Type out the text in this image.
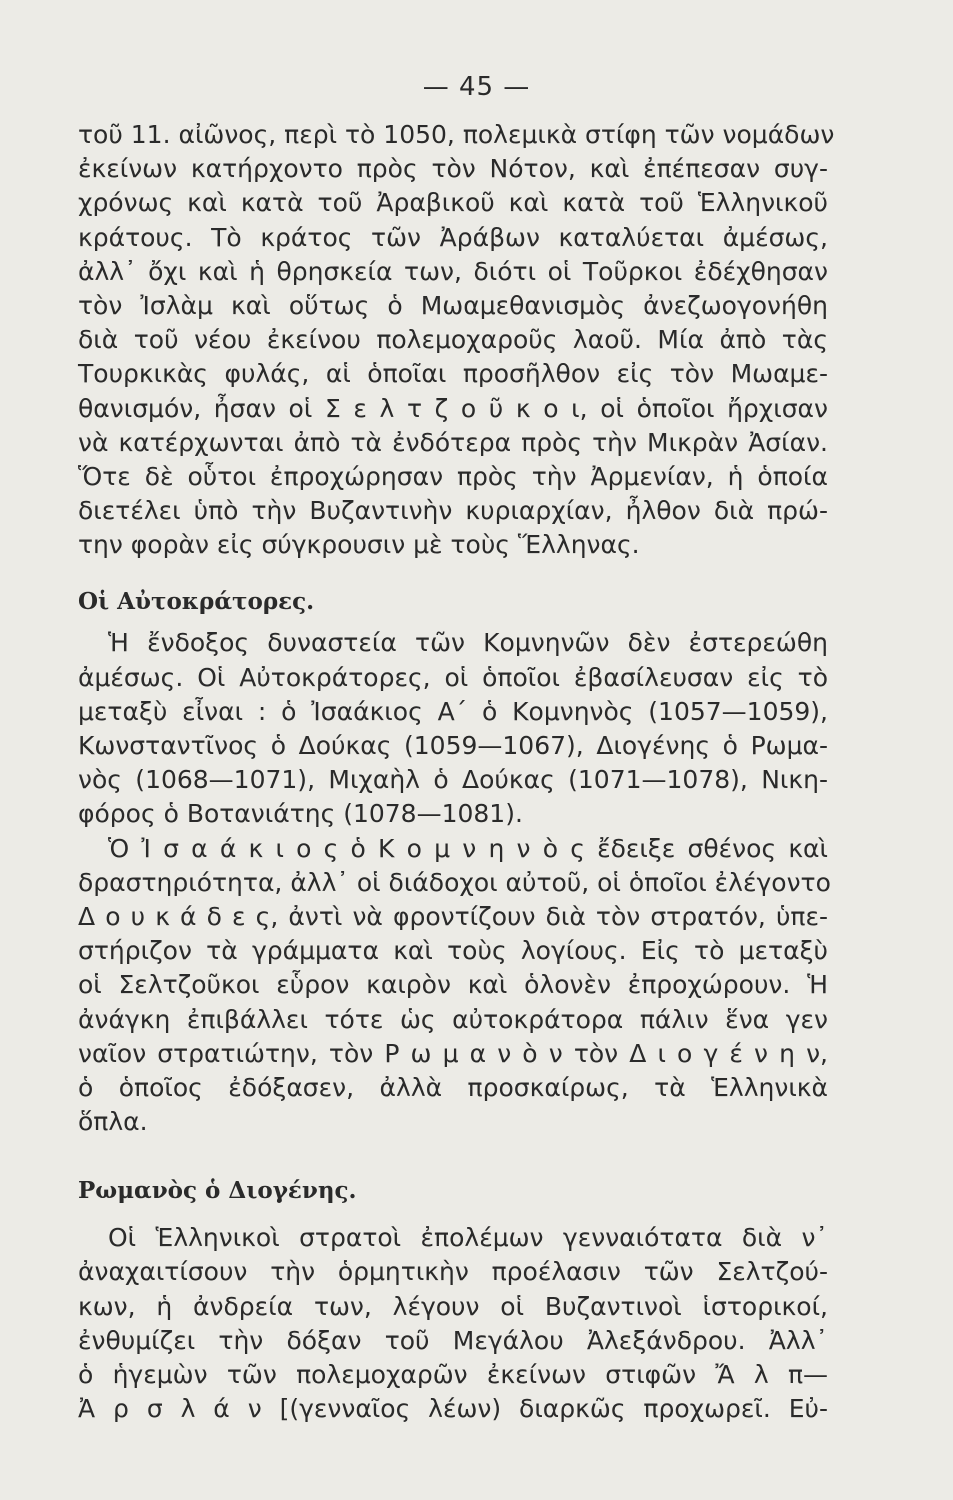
— 45 —
τοῦ 11. αἰῶνος, περὶ τὸ 1050, πολεμικὰ στίφη τῶν νομάδων
ἐκείνων κατήρχοντο πρὸς τὸν Νότον, καὶ ἐπέπεσαν συγ-
χρόνως καὶ κατὰ τοῦ Ἀραβικοῦ καὶ κατὰ τοῦ Ἑλληνικοῦ
κράτους. Τὸ κράτος τῶν Ἀράβων καταλύεται ἀμέσως,
ἀλλ᾽ ὄχι καὶ ἡ θρησκεία των, διότι οἱ Τοῦρκοι ἐδέχθησαν
τὸν Ἰσλὰμ καὶ οὕτως ὁ Μωαμεθανισμὸς ἀνεζωογονήθη
διὰ τοῦ νέου ἐκείνου πολεμοχαροῦς λαοῦ. Μία ἀπὸ τὰς
Τουρκικὰς φυλάς, αἱ ὁποῖαι προσῆλθον εἰς τὸν Μωαμε-
θανισμόν, ἦσαν οἱ Σ ε λ τ ζ ο ῦ κ ο ι, οἱ ὁποῖοι ἤρχισαν
νὰ κατέρχωνται ἀπὸ τὰ ἐνδότερα πρὸς τὴν Μικρὰν Ἀσίαν.
Ὅτε δὲ οὗτοι ἐπροχώρησαν πρὸς τὴν Ἀρμενίαν, ἡ ὁποία
διετέλει ὑπὸ τὴν Βυζαντινὴν κυριαρχίαν, ἦλθον διὰ πρώ-
την φορὰν εἰς σύγκρουσιν μὲ τοὺς Ἕλληνας.
Οἱ Αὐτοκράτορες.
Ἡ ἔνδοξος δυναστεία τῶν Κομνηνῶν δὲν ἐστερεώθη
ἀμέσως. Οἱ Αὐτοκράτορες, οἱ ὁποῖοι ἐβασίλευσαν εἰς τὸ
μεταξὺ εἶναι : ὁ Ἰσαάκιος Α΄ ὁ Κομνηνὸς (1057—1059),
Κωνσταντῖνος ὁ Δούκας (1059—1067), Διογένης ὁ Ρωμα-
νὸς (1068—1071), Μιχαὴλ ὁ Δούκας (1071—1078), Νικη-
φόρος ὁ Βοτανιάτης (1078—1081).
Ὁ Ἰ σ α ά κ ι ο ς ὁ Κ ο μ ν η ν ὸ ς ἔδειξε σθένος καὶ
δραστηριότητα, ἀλλ᾽ οἱ διάδοχοι αὐτοῦ, οἱ ὁποῖοι ἐλέγοντο
Δ ο υ κ ά δ ε ς, ἀντὶ νὰ φροντίζουν διὰ τὸν στρατόν, ὑπε-
στήριζον τὰ γράμματα καὶ τοὺς λογίους. Εἰς τὸ μεταξὺ
οἱ Σελτζοῦκοι εὗρον καιρὸν καὶ ὁλονὲν ἐπροχώρουν. Ἡ
ἀνάγκη ἐπιβάλλει τότε ὡς αὐτοκράτορα πάλιν ἕνα γεν
ναῖον στρατιώτην, τὸν Ρ ω μ α ν ὸ ν τὸν Δ ι ο γ έ ν η ν,
ὁ ὁποῖος ἐδόξασεν, ἀλλὰ προσκαίρως, τὰ Ἑλληνικὰ
ὅπλα.
Ρωμανὸς ὁ Διογένης.
Οἱ Ἑλληνικοὶ στρατοὶ ἐπολέμων γενναιότατα διὰ ν᾽
ἀναχαιτίσουν τὴν ὁρμητικὴν προέλασιν τῶν Σελτζού-
κων, ἡ ἀνδρεία των, λέγουν οἱ Βυζαντινοὶ ἱστορικοί,
ἐνθυμίζει τὴν δόξαν τοῦ Μεγάλου Ἀλεξάνδρου. Ἀλλ᾽
ὁ ἡγεμὼν τῶν πολεμοχαρῶν ἐκείνων στιφῶν Ἄ λ π—
Ἀ ρ σ λ ά ν [(γενναῖος λέων) διαρκῶς προχωρεῖ. Εὐ-
